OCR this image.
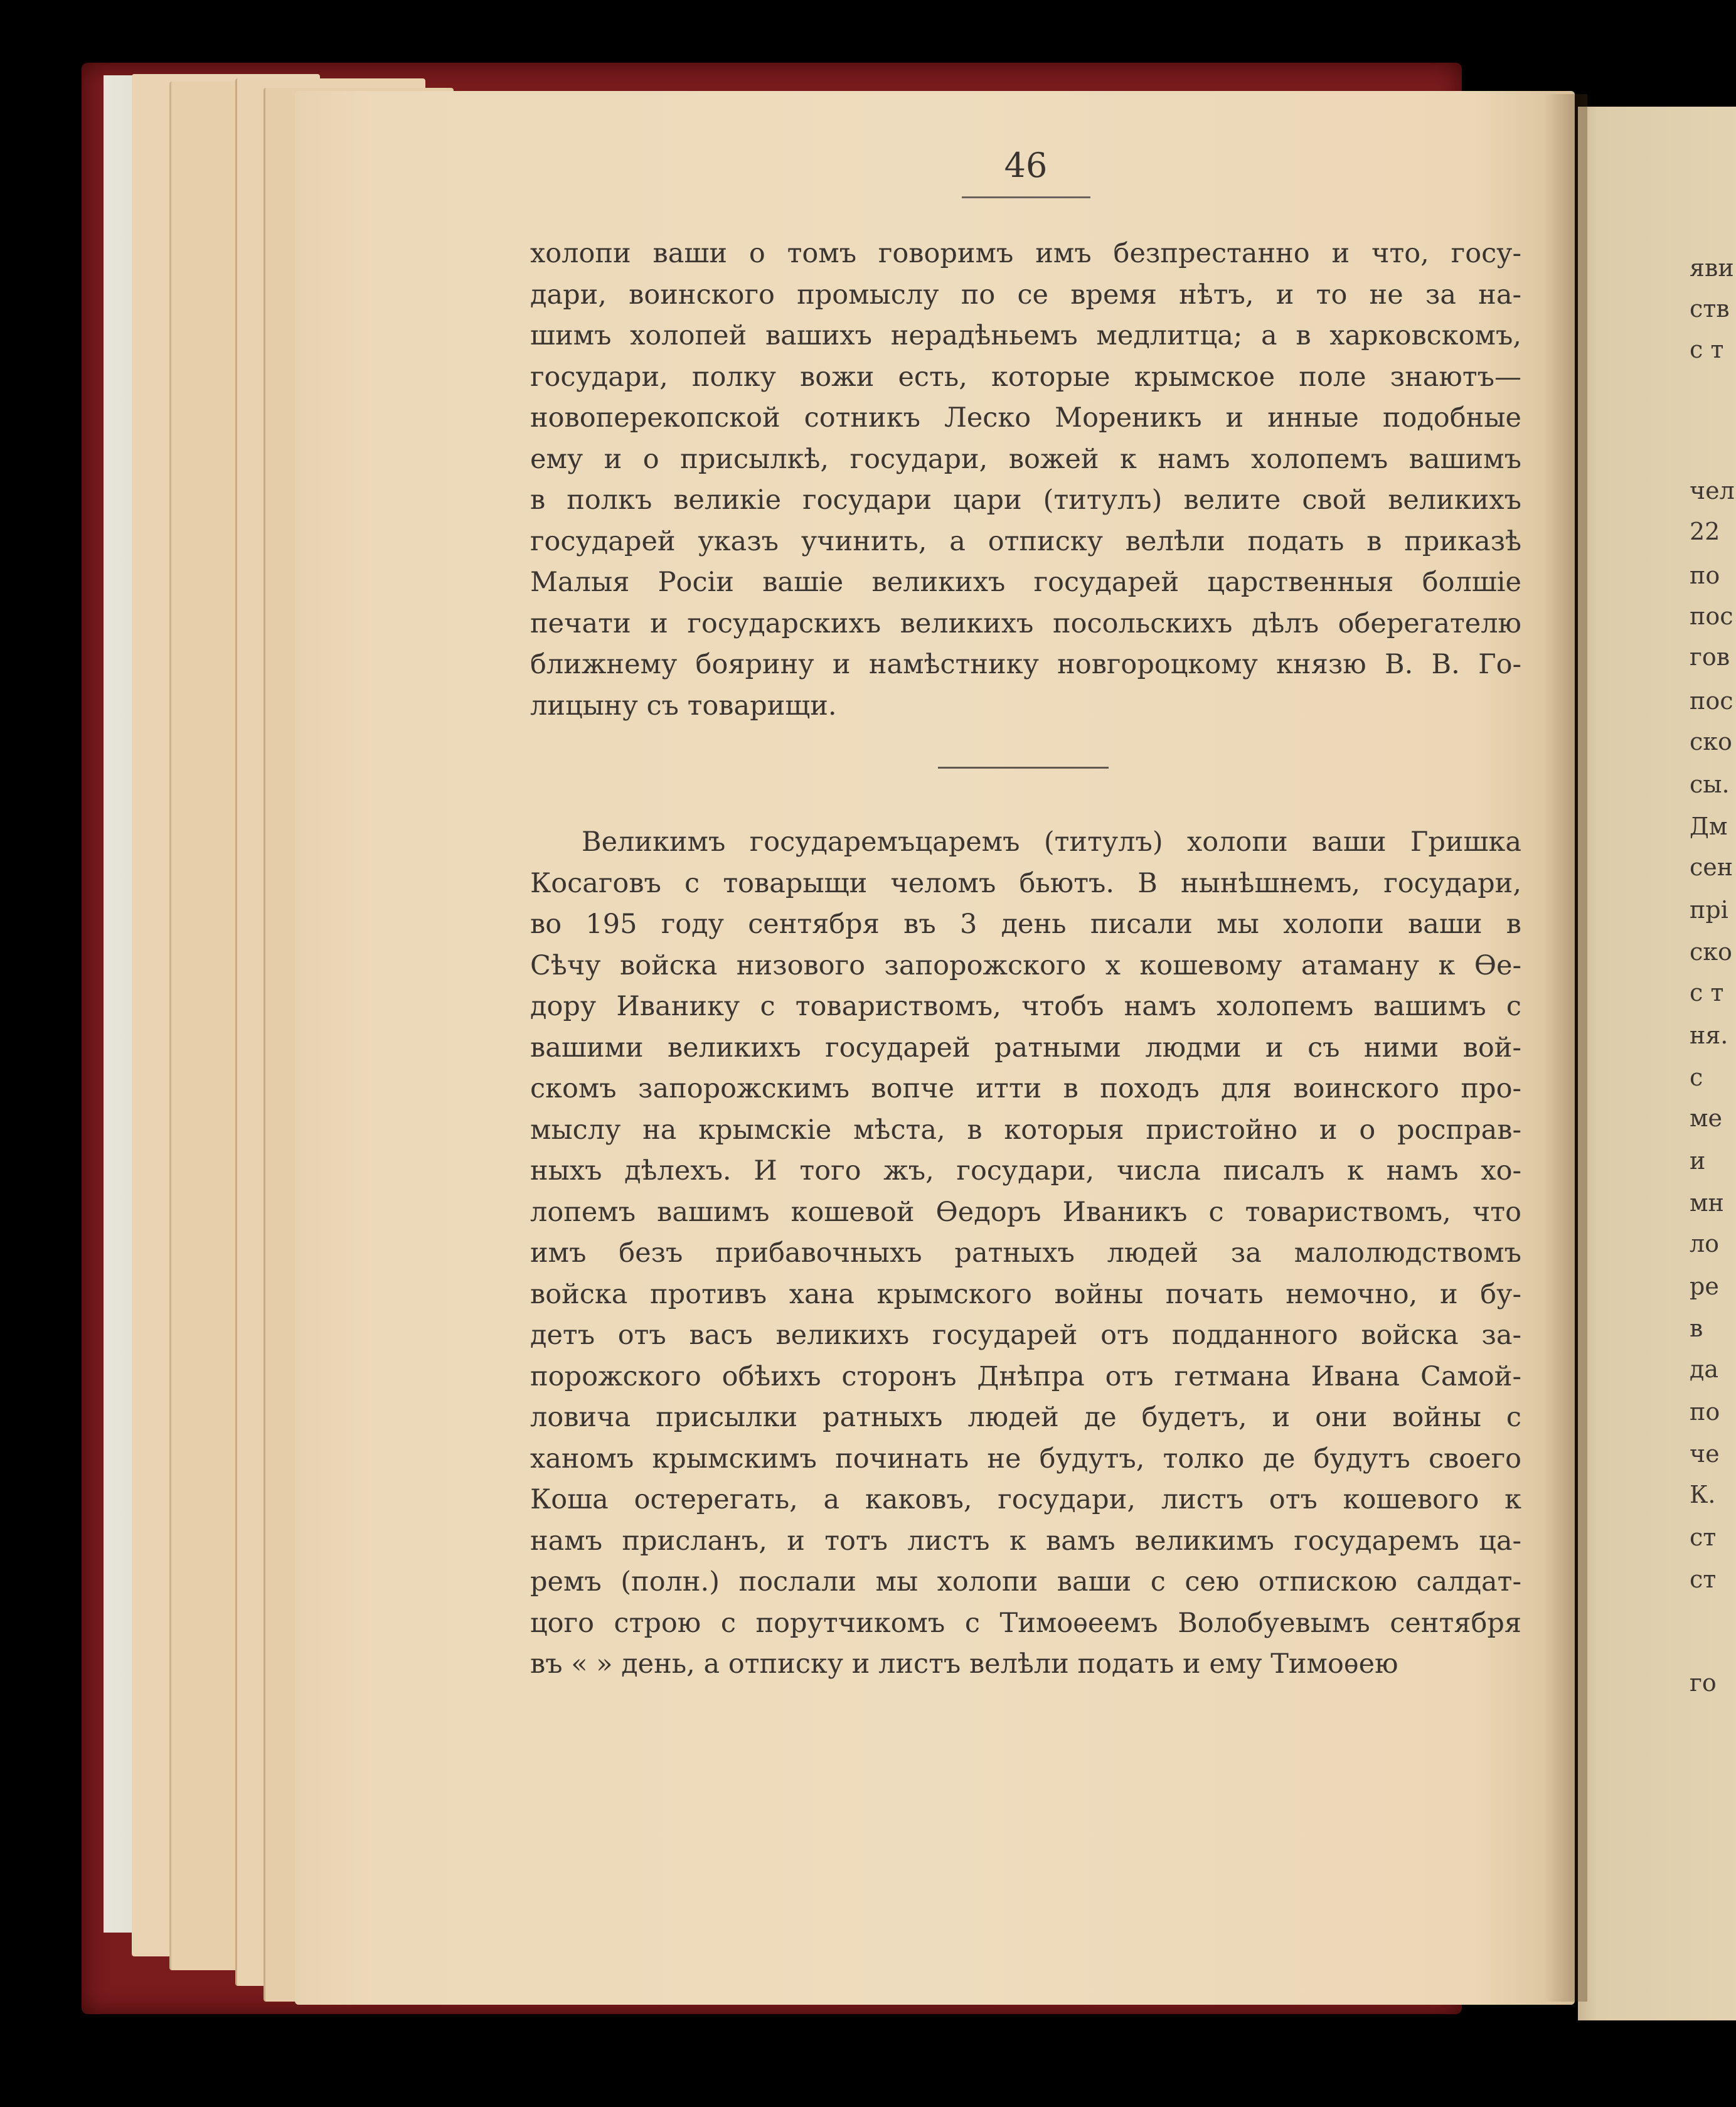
46
холопи ваши о томъ говоримъ имъ безпрестанно и что, госу-
дари, воинского промыслу по се время нѣтъ, и то не за на-
шимъ холопей вашихъ нерадѣньемъ медлитца; а в харковскомъ,
государи, полку вожи есть, которые крымское поле знаютъ—
новоперекопской сотникъ Леско Мореникъ и инные подобные
ему и о присылкѣ, государи, вожей к намъ холопемъ вашимъ
в полкъ великіе государи цари (титулъ) велите свой великихъ
государей указъ учинить, а отписку велѣли подать в приказѣ
Малыя Росіи вашіе великихъ государей царственныя болшіе
печати и государскихъ великихъ посольскихъ дѣлъ оберегателю
ближнему боярину и намѣстнику новгороцкому князю В. В. Го-
лицыну съ товарищи.
Великимъ государемъцаремъ (титулъ) холопи ваши Гришка
Косаговъ с товарыщи челомъ бьютъ. В нынѣшнемъ, государи,
во 195 году сентября въ 3 день писали мы холопи ваши в
Сѣчу войска низового запорожского х кошевому атаману к Ѳе-
дору Иванику с товариствомъ, чтобъ намъ холопемъ вашимъ с
вашими великихъ государей ратными людми и съ ними вой-
скомъ запорожскимъ вопче итти в походъ для воинского про-
мыслу на крымскіе мѣста, в которыя пристойно и о росправ-
ныхъ дѣлехъ. И того жъ, государи, числа писалъ к намъ хо-
лопемъ вашимъ кошевой Ѳедоръ Иваникъ с товариствомъ, что
имъ безъ прибавочныхъ ратныхъ людей за малолюдствомъ
войска противъ хана крымского войны почать немочно, и бу-
детъ отъ васъ великихъ государей отъ подданного войска за-
порожского обѣихъ сторонъ Днѣпра отъ гетмана Ивана Самой-
ловича присылки ратныхъ людей де будетъ, и они войны с
ханомъ крымскимъ починать не будутъ, толко де будутъ своего
Коша остерегать, а каковъ, государи, листъ отъ кошевого к
намъ присланъ, и тотъ листъ к вамъ великимъ государемъ ца-
ремъ (полн.) послали мы холопи ваши с сею отпискою салдат-
цого строю с порутчикомъ с Тимоѳеемъ Волобуевымъ сентября
въ « » день, а отписку и листъ велѣли подать и ему Тимоѳею
яви
ств
с т
чел
22
по
пос
гов
пос
ско
сы.
Дм
сен
прі
ско
с т
ня.
с
ме
и
мн
ло
ре
в
да
по
че
К.
ст
ст
го
